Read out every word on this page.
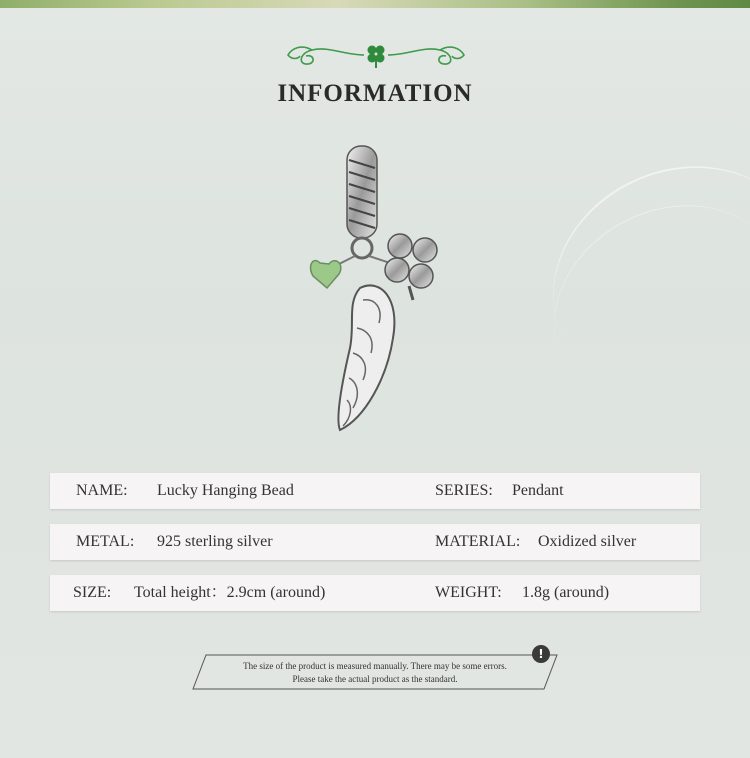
INFORMATION
NAME: Lucky Hanging Bead	SERIES: Pendant
METAL: 925 sterling silver	MATERIAL: Oxidized silver
SIZE: Total height：2.9cm (around)	WEIGHT: 1.8g (around)
The size of the product is measured manually. There may be some errors.
Please take the actual product as the standard.
!
